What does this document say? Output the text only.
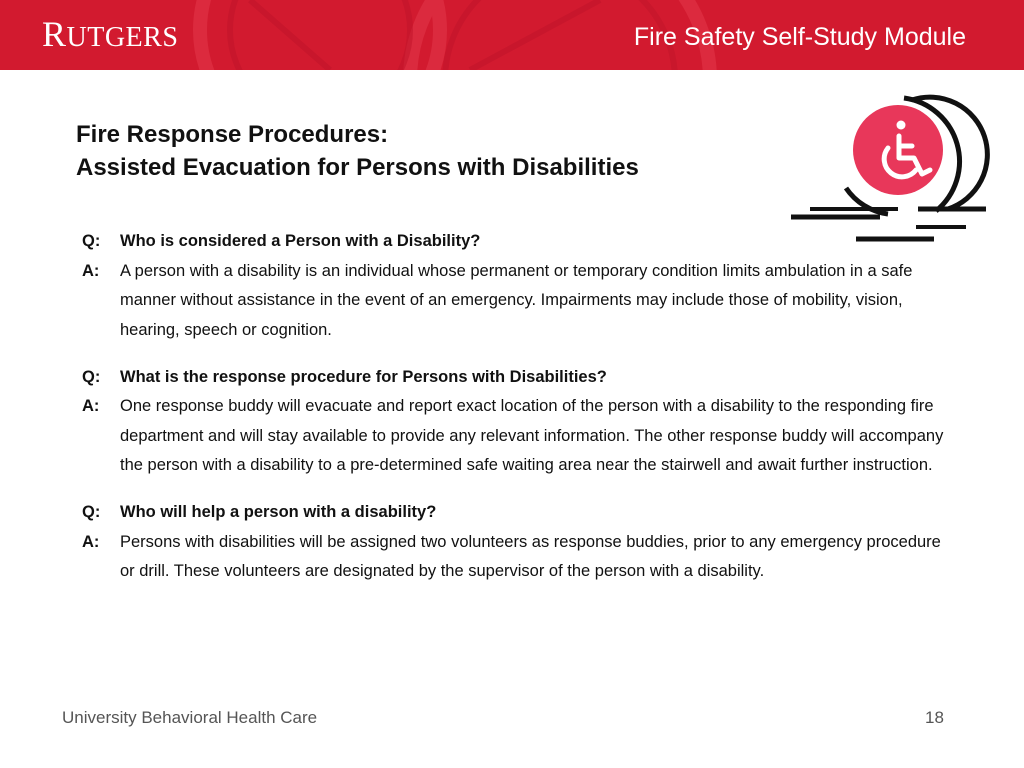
RUTGERS	Fire Safety Self-Study Module
Fire Response Procedures:
Assisted Evacuation for Persons with Disabilities
Q:	Who is considered a Person with a Disability?
A:	A person with a disability is an individual whose permanent or temporary condition limits ambulation in a safe manner without assistance in the event of an emergency. Impairments may include those of mobility, vision, hearing, speech or cognition.
Q:	What is the response procedure for Persons with Disabilities?
A:	One response buddy will evacuate and report exact location of the person with a disability to the responding fire department and will stay available to provide any relevant information. The other response buddy will accompany the person with a disability to a pre-determined safe waiting area near the stairwell and await further instruction.
Q:	Who will help a person with a disability?
A:	Persons with disabilities will be assigned two volunteers as response buddies, prior to any emergency procedure or drill. These volunteers are designated by the supervisor of the person with a disability.
University Behavioral Health Care	18
